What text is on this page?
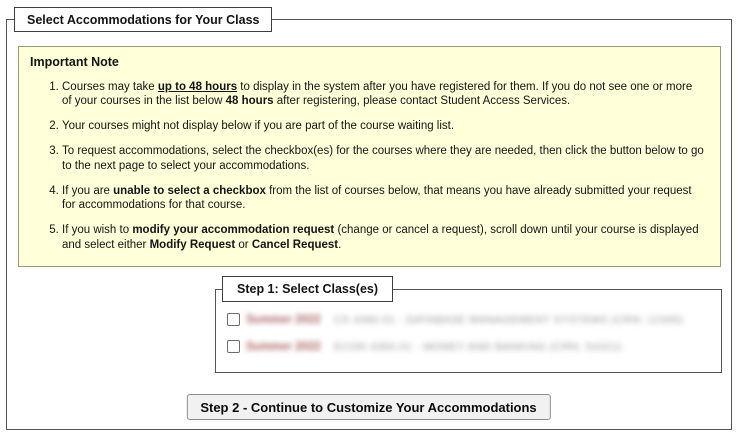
Important Note
1. Courses may take up to 48 hours to display in the system after you have registered for them. If you do not see one or more of your courses in the list below 48 hours after registering, please contact Student Access Services.
2. Your courses might not display below if you are part of the course waiting list.
3. To request accommodations, select the checkbox(es) for the courses where they are needed, then click the button below to go to the next page to select your accommodations.
4. If you are unable to select a checkbox from the list of courses below, that means you have already submitted your request for accommodations for that course.
5. If you wish to modify your accommodation request (change or cancel a request), scroll down until your course is displayed and select either Modify Request or Cancel Request.
Select Accommodations for Your Class
Step 1: Select Class(es)
Summer 2022 CS 4360.01 - DATABASE MANAGEMENT SYSTEMS (CRN: 12345)
Summer 2022 ECON 4350.01 - MONEY AND BANKING (CRN: 54321)
Step 2 - Continue to Customize Your Accommodations
